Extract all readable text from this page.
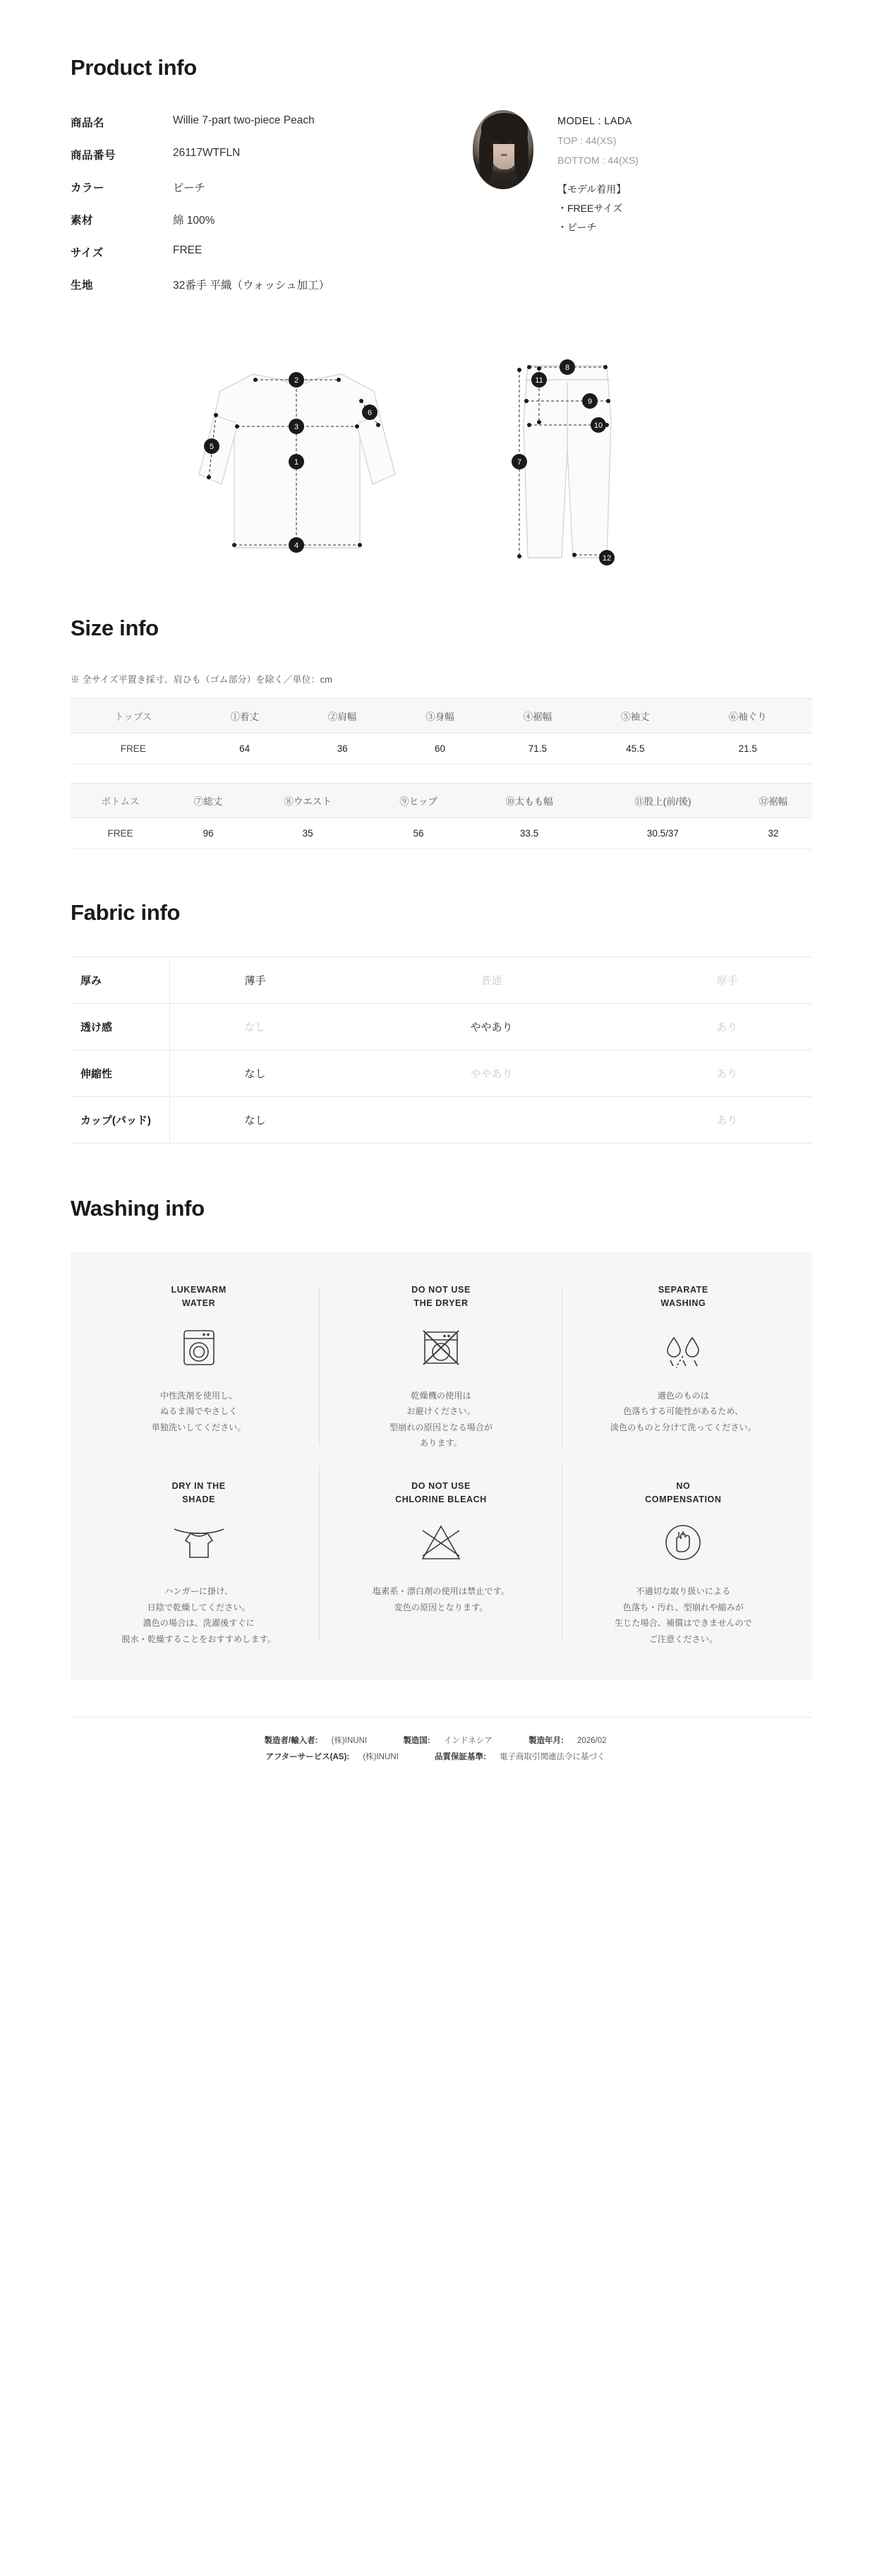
Product info
商品名	Willie 7-part two-piece Peach
商品番号	26117WTFLN
カラー	ピーチ
素材	綿 100%
サイズ	FREE
生地	32番手 平織（ウォッシュ加工）
MODEL : LADA
TOP : 44(XS)
BOTTOM : 44(XS)
【モデル着用】
・FREEサイズ
・ピーチ
1
2
3
4
5
6
7
8
9
10
11
12
Size info
※ 全サイズ平置き採寸、肩ひも（ゴム部分）を除く／単位：cm
トップス	①着丈	②肩幅	③身幅	④裾幅	⑤袖丈	⑥袖ぐり
FREE	64	36	60	71.5	45.5	21.5
ボトムス	⑦総丈	⑧ウエスト	⑨ヒップ	⑩太もも幅	⑪股上(前/後)	⑫裾幅
FREE	96	35	56	33.5	30.5/37	32
Fabric info
厚み	薄手	普通	厚手
透け感	なし	ややあり	あり
伸縮性	なし	ややあり	あり
カップ(パッド)	なし		あり
Washing info
LUKEWARM
WATER
中性洗剤を使用し、
ぬるま湯でやさしく
単独洗いしてください。
DO NOT USE
THE DRYER
乾燥機の使用は
お避けください。
型崩れの原因となる場合が
あります。
SEPARATE
WASHING
適色のものは
色落ちする可能性があるため、
淡色のものと分けて洗ってください。
DRY IN THE
SHADE
ハンガーに掛け、
日陰で乾燥してください。
濃色の場合は、洗濯後すぐに
脱水・乾燥することをおすすめします。
DO NOT USE
CHLORINE BLEACH
塩素系・漂白剤の使用は禁止です。
変色の原因となります。
NO
COMPENSATION
不適切な取り扱いによる
色落ち・汚れ、型崩れや縮みが
生じた場合、補償はできませんので
ご注意ください。
製造者/輸入者: (株)INUNI	製造国: インドネシア	製造年月: 2026/02
アフターサービス(AS): (株)INUNI	品質保証基準: 電子商取引関連法令に基づく
